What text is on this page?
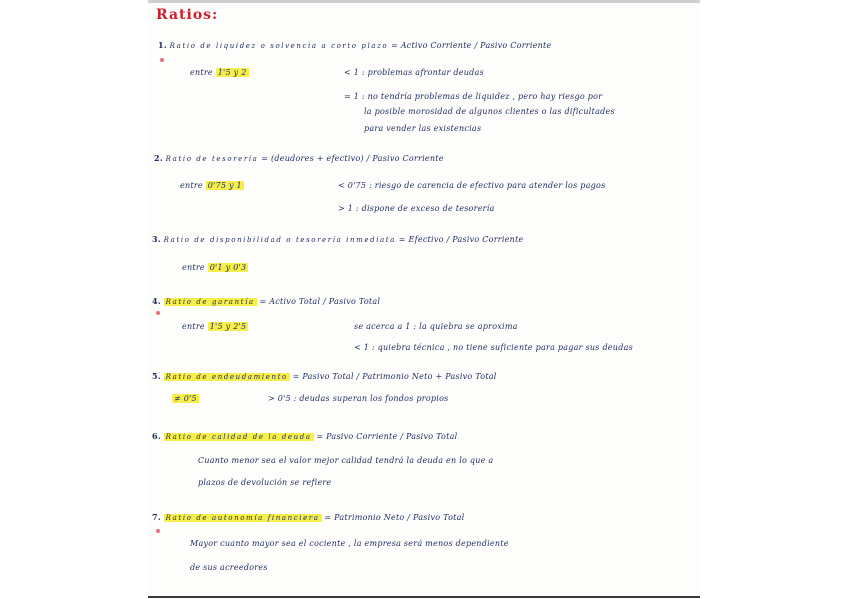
Ratios:
1. Ratio de liquidez o solvencia a corto plazo = Activo Corriente / Pasivo Corriente
entre 1'5 y 2	< 1 : problemas afrontar deudas
= 1 : no tendría problemas de liquidez , pero hay riesgo por
la posible morosidad de algunos clientes o las dificultades
para vender las existencias
2. Ratio de tesorería = (deudores + efectivo) / Pasivo Corriente
entre 0'75 y 1	< 0'75 : riesgo de carencia de efectivo para atender los pagos
> 1 : dispone de exceso de tesorería
3. Ratio de disponibilidad o tesorería inmediata = Efectivo / Pasivo Corriente
entre 0'1 y 0'3
4. Ratio de garantía = Activo Total / Pasivo Total
entre 1'5 y 2'5	se acerca a 1 : la quiebra se aproxima
< 1 : quiebra técnica , no tiene suficiente para pagar sus deudas
5. Ratio de endeudamiento = Pasivo Total / Patrimonio Neto + Pasivo Total
≠ 0'5	> 0'5 : deudas superan los fondos propios
6. Ratio de calidad de la deuda = Pasivo Corriente / Pasivo Total
Cuanto menor sea el valor mejor calidad tendrá la deuda en lo que a
plazos de devolución se refiere
7. Ratio de autonomía financiera = Patrimonio Neto / Pasivo Total
Mayor cuanto mayor sea el cociente , la empresa será menos dependiente
de sus acreedores
